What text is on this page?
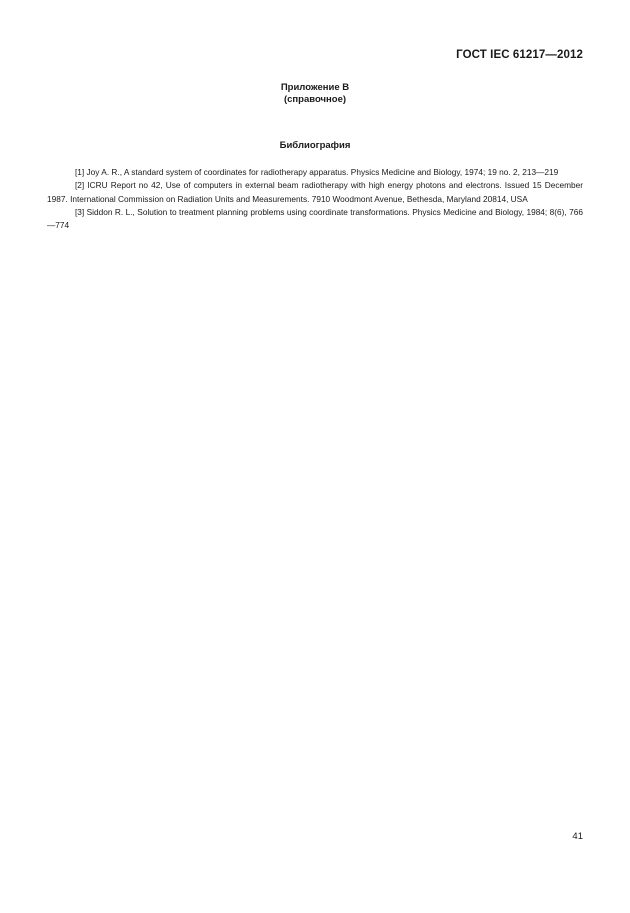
ГОСТ IEC 61217—2012
Приложение В
(справочное)
Библиография

[1] Joy A. R., A standard system of coordinates for radiotherapy apparatus. Physics Medicine and Biology, 1974; 19 no. 2, 213—219

[2] ICRU Report no 42, Use of computers in external beam radiotherapy with high energy photons and electrons. Issued 15 December 1987. International Commission on Radiation Units and Measurements. 7910 Woodmont Avenue, Bethesda, Maryland 20814, USA

[3] Siddon R. L., Solution to treatment planning problems using coordinate transformations. Physics Medicine and Biology, 1984; 8(6), 766—774

41
